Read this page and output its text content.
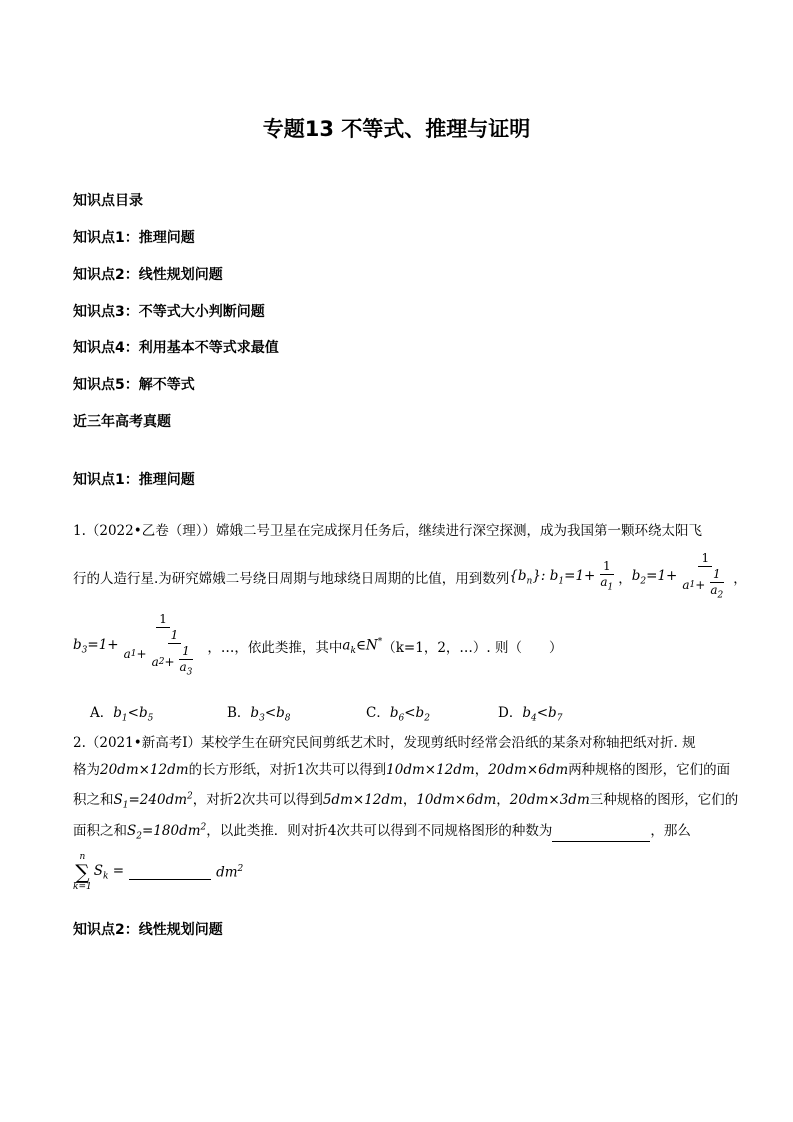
专题13 不等式、推理与证明
知识点目录
知识点1：推理问题
知识点2：线性规划问题
知识点3：不等式大小判断问题
知识点4：利用基本不等式求最值
知识点5：解不等式
近三年高考真题
知识点1：推理问题
1.（2022•乙卷（理））嫦娥二号卫星在完成探月任务后，继续进行深空探测，成为我国第一颗环绕太阳飞
行的人造行星.为研究嫦娥二号绕日周期与地球绕日周期的比值，用到数列 $\{b_n\}$: $b_1=1+ \frac{1}{a_1}$ ， $b_2=1+ \frac{1}{a 1 + \frac{1}{a_2}}$ ，
$b_3=1+ \frac{1}{a 1 + \frac{1}{a 2 + \frac{1}{a_3}}}$ ，…，依此类推，其中 $a_k\in N^*$ （k=1，2，…）. 则（　　）
A．$b_1<b_5$	B．$b_3<b_8$	C．$b_6<b_2$	D．$b_4<b_7$
2.（2021•新高考Ⅰ）某校学生在研究民间剪纸艺术时，发现剪纸时经常会沿纸的某条对称轴把纸对折. 规
格为20dm×12dm的长方形纸，对折1次共可以得到10dm×12dm，20dm×6dm两种规格的图形，它们的面
积之和$S_1=240dm^2$，对折2次共可以得到5dm×12dm，10dm×6dm，20dm×3dm三种规格的图形，它们的
面积之和$S_2=180dm^2$，以此类推．则对折4次共可以得到不同规格图形的种数为	，那么
n
∑
k=1
$S_k$ =	$dm^2$
知识点2：线性规划问题
